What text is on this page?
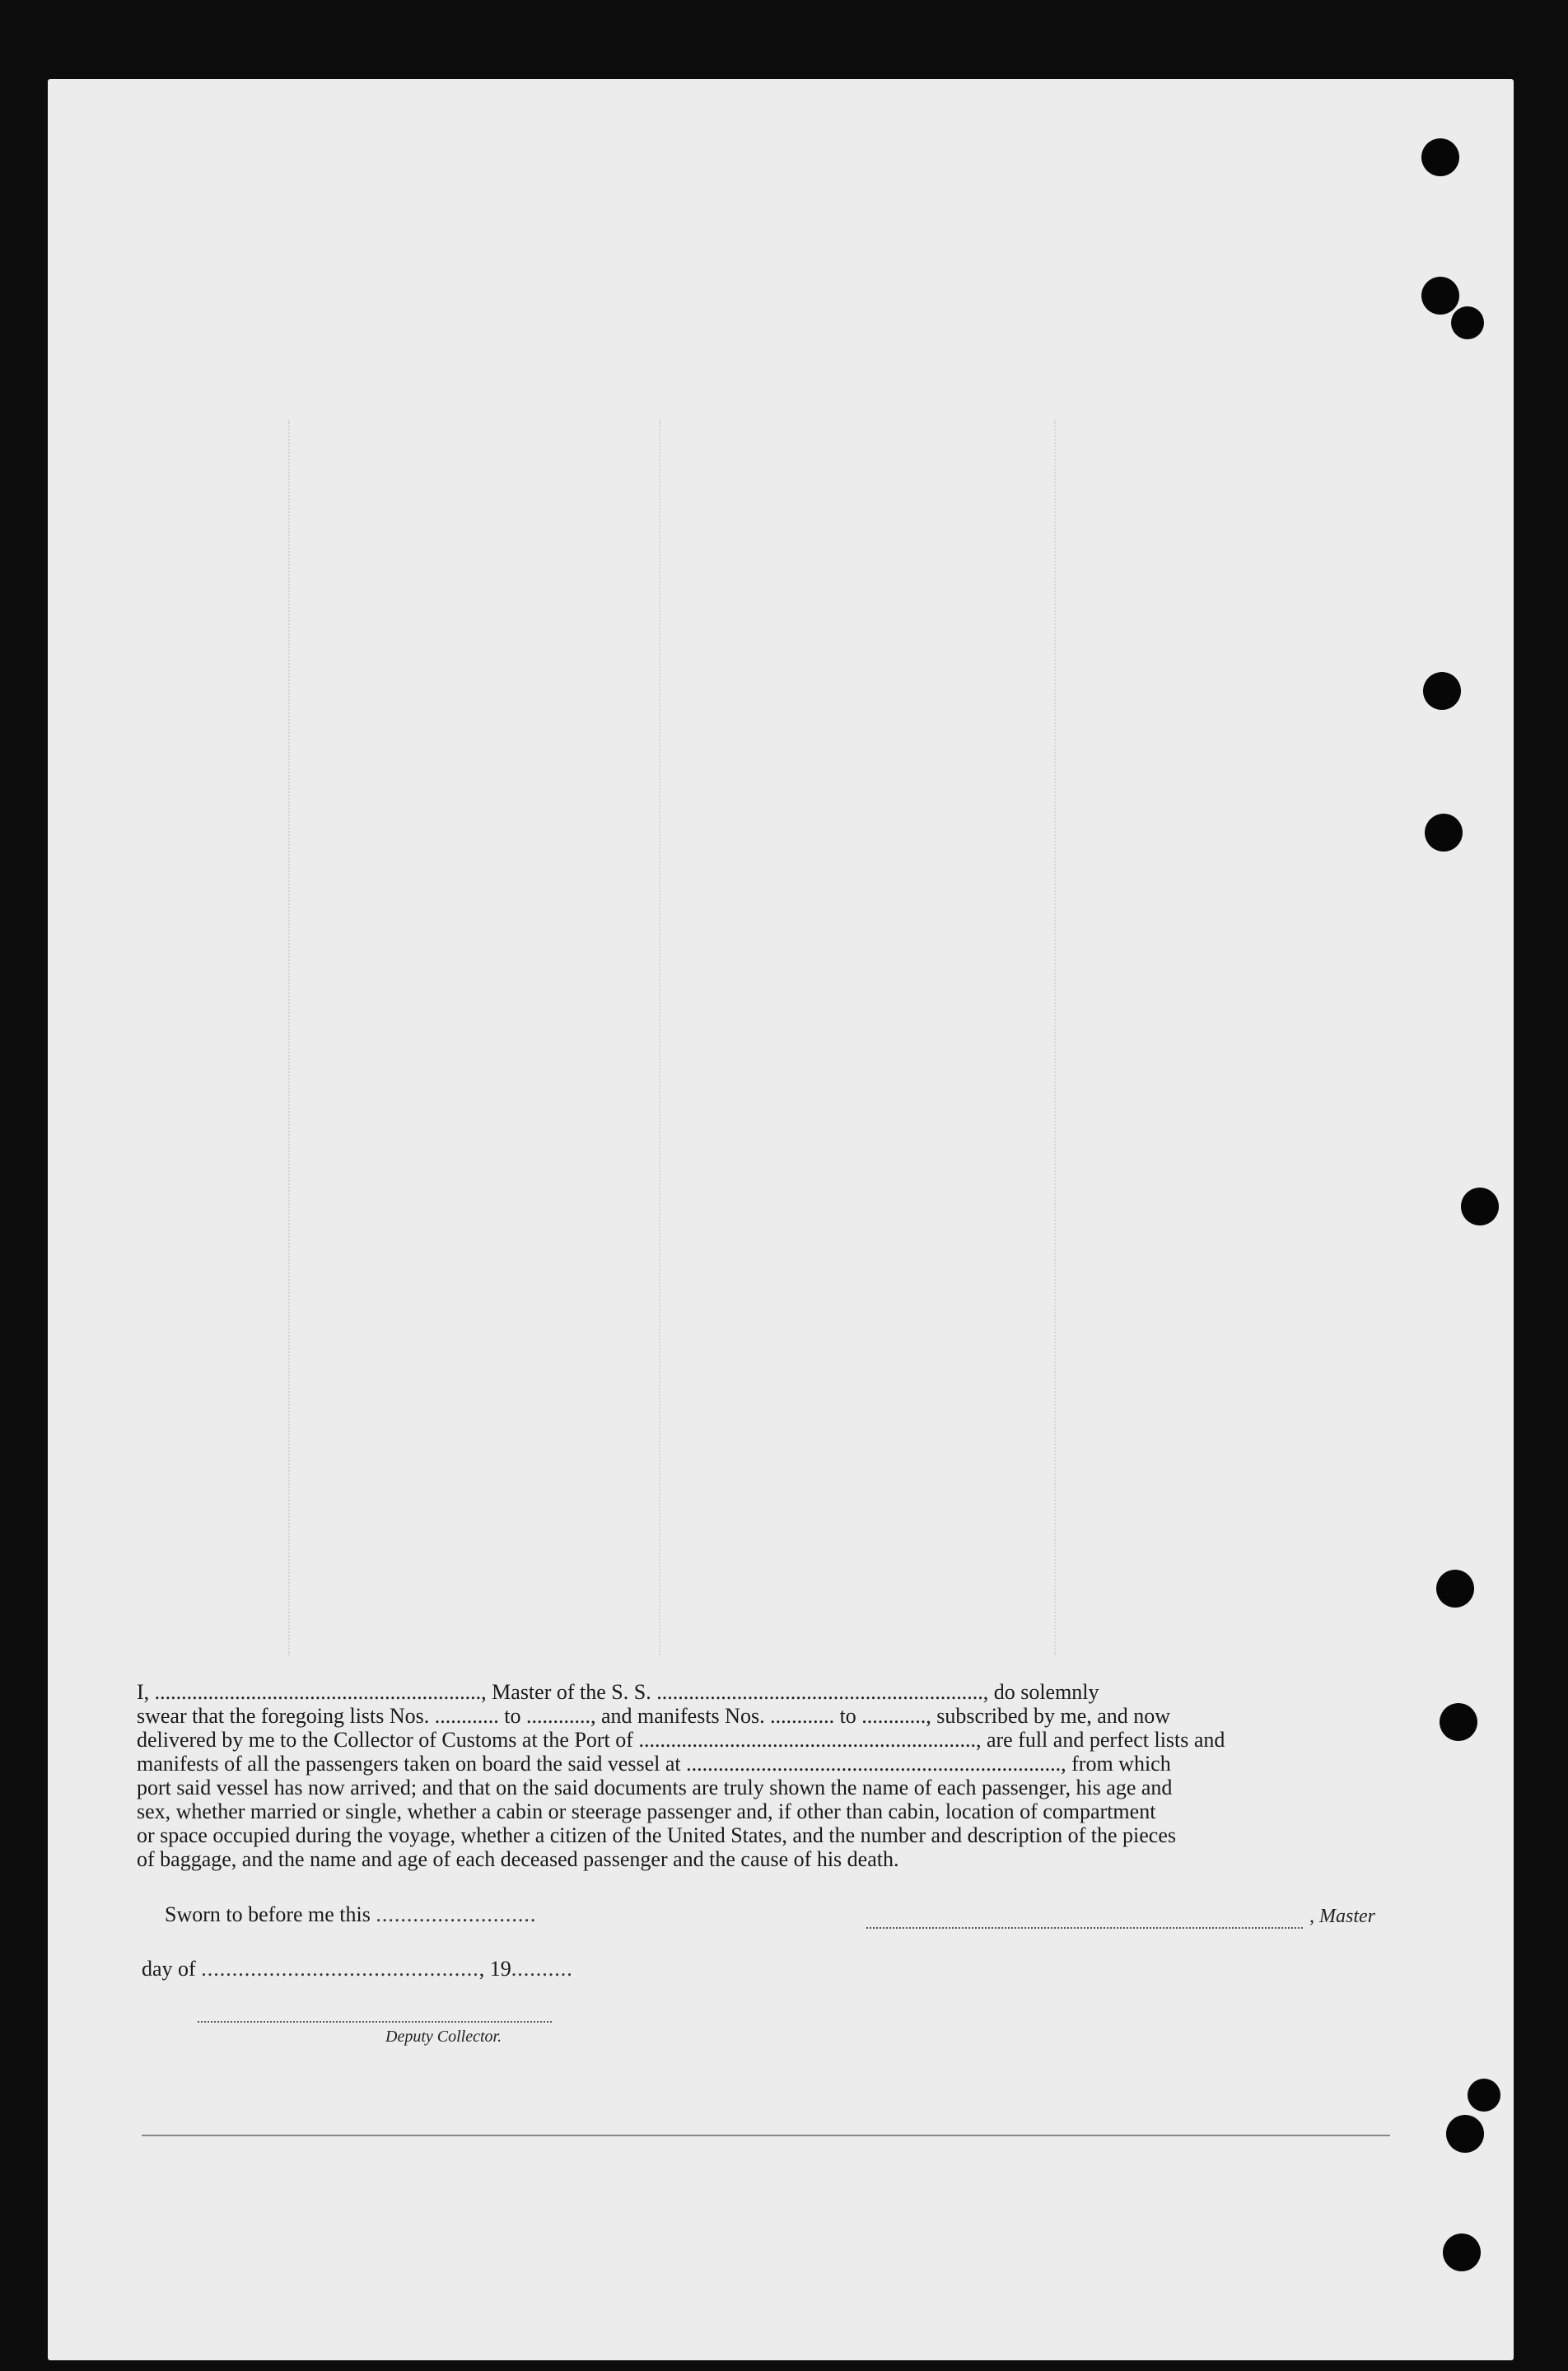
I, ............................................................., Master of the S. S. ............................................................., do solemnly
swear that the foregoing lists Nos. ............ to ............, and manifests Nos. ............ to ............, subscribed by me, and now
delivered by me to the Collector of Customs at the Port of ..............................................................., are full and perfect lists and
manifests of all the passengers taken on board the said vessel at ......................................................................, from which
port said vessel has now arrived; and that on the said documents are truly shown the name of each passenger, his age and
sex, whether married or single, whether a cabin or steerage passenger and, if other than cabin, location of compartment
or space occupied during the voyage, whether a citizen of the United States, and the number and description of the pieces
of baggage, and the name and age of each deceased passenger and the cause of his death.
Sworn to before me this ..........................	, Master
day of ............................................., 19..........
Deputy Collector.
